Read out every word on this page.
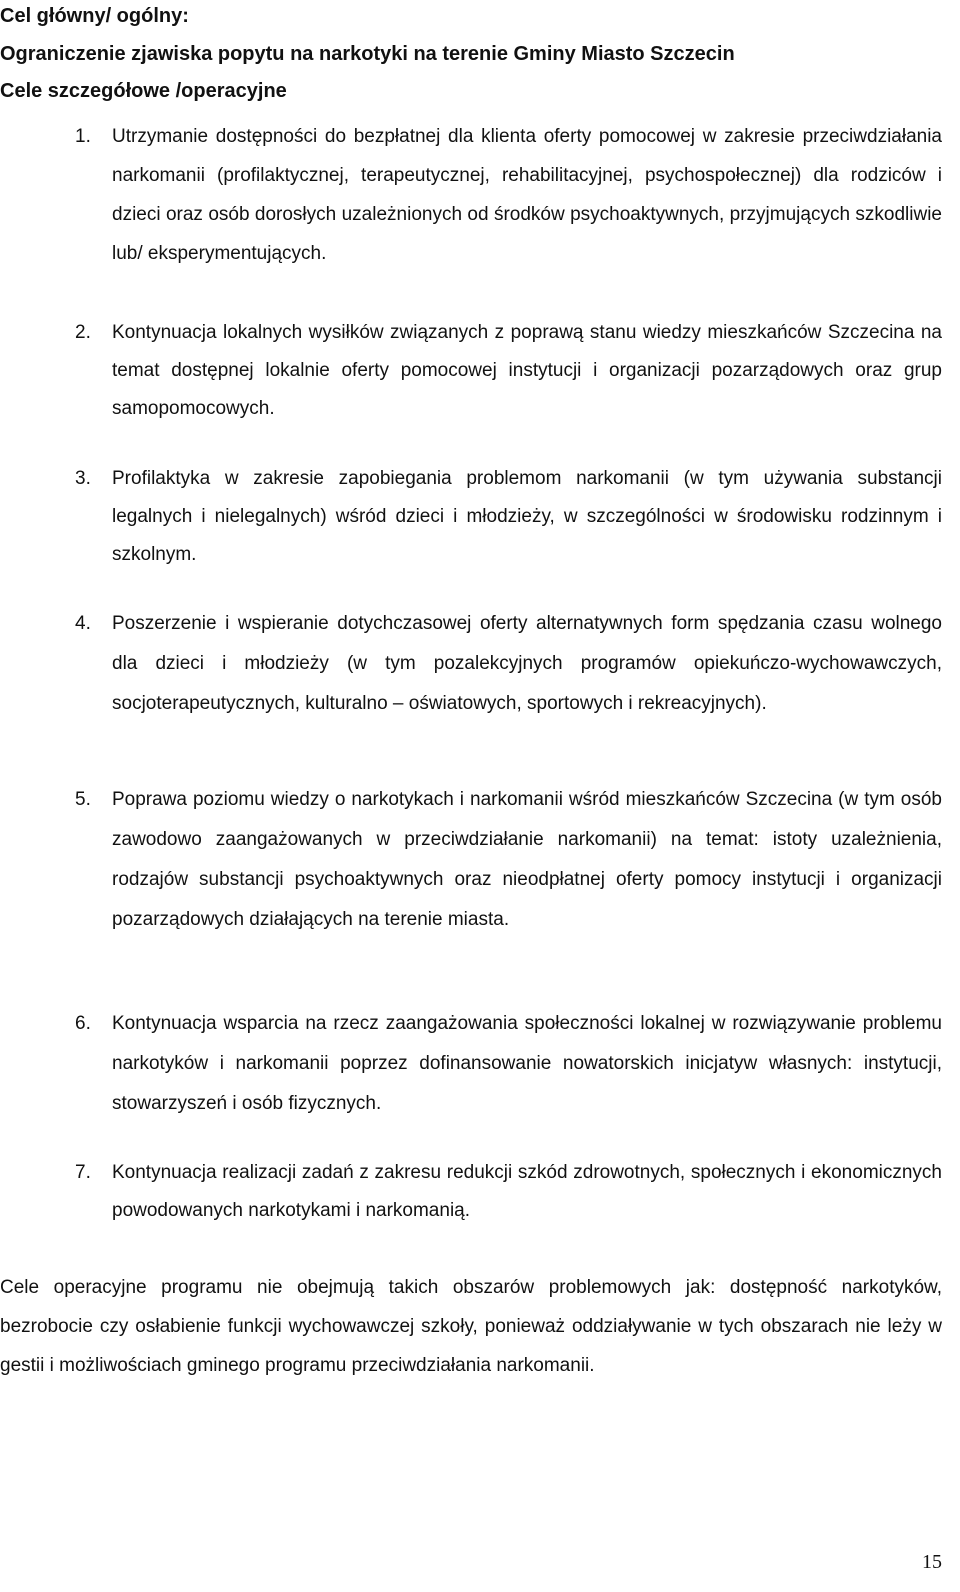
Cel główny/ ogólny:
Ograniczenie zjawiska popytu na narkotyki na terenie Gminy Miasto Szczecin
Cele szczegółowe /operacyjne
1. Utrzymanie dostępności do bezpłatnej dla klienta oferty pomocowej w zakresie przeciwdziałania narkomanii (profilaktycznej, terapeutycznej, rehabilitacyjnej, psychospołecznej) dla rodziców i dzieci oraz osób dorosłych uzależnionych od środków psychoaktywnych, przyjmujących szkodliwie lub/ eksperymentujących.
2. Kontynuacja lokalnych wysiłków związanych z poprawą stanu wiedzy mieszkańców Szczecina na temat dostępnej lokalnie oferty pomocowej instytucji i organizacji pozarządowych oraz grup samopomocowych.
3. Profilaktyka w zakresie zapobiegania problemom narkomanii (w tym używania substancji legalnych i nielegalnych) wśród dzieci i młodzieży, w szczególności w środowisku rodzinnym i szkolnym.
4. Poszerzenie i wspieranie dotychczasowej oferty alternatywnych form spędzania czasu wolnego dla dzieci i młodzieży (w tym pozalekcyjnych programów opiekuńczo-wychowawczych, socjoterapeutycznych, kulturalno – oświatowych, sportowych i rekreacyjnych).
5. Poprawa poziomu wiedzy o narkotykach i narkomanii wśród mieszkańców Szczecina (w tym osób zawodowo zaangażowanych w przeciwdziałanie narkomanii) na temat: istoty uzależnienia, rodzajów substancji psychoaktywnych oraz nieodpłatnej oferty pomocy instytucji i organizacji pozarządowych działających na terenie miasta.
6. Kontynuacja wsparcia na rzecz zaangażowania społeczności lokalnej w rozwiązywanie problemu narkotyków i narkomanii poprzez dofinansowanie nowatorskich inicjatyw własnych: instytucji, stowarzyszeń i osób fizycznych.
7. Kontynuacja realizacji zadań z zakresu redukcji szkód zdrowotnych, społecznych i ekonomicznych powodowanych narkotykami i narkomanią.
Cele operacyjne programu nie obejmują takich obszarów problemowych jak: dostępność narkotyków, bezrobocie czy osłabienie funkcji wychowawczej szkoły, ponieważ oddziaływanie w tych obszarach nie leży w gestii i możliwościach gminego programu przeciwdziałania narkomanii.
15
